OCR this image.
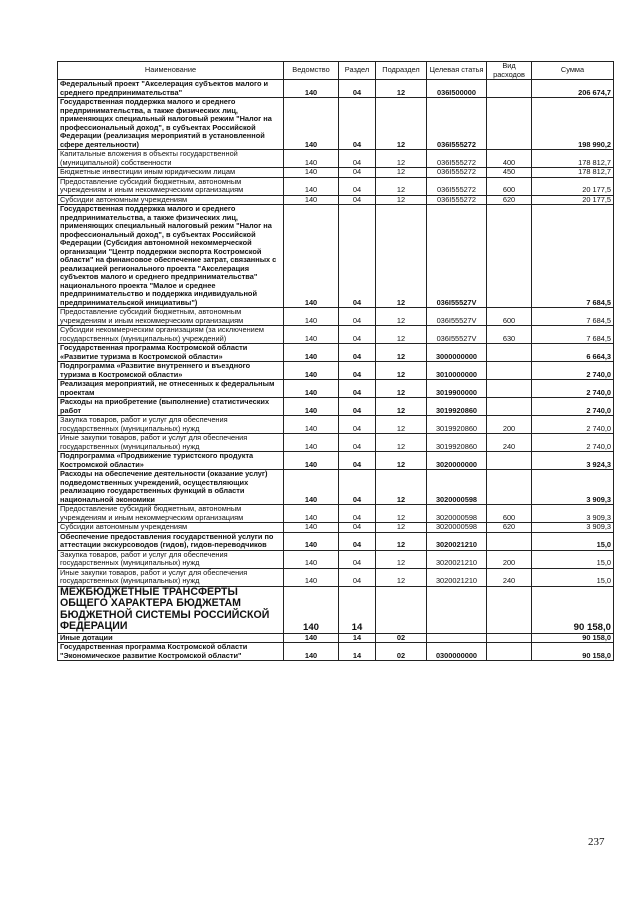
Наименование	Ведомство	Раздел	Подраздел	Целевая статья	Вид расходов	Сумма
Федеральный проект "Акселерация субъектов малого и среднего предпринимательства"	140	04	12	036I500000		206 674,7
Государственная поддержка малого и среднего предпринимательства, а также физических лиц, применяющих специальный налоговый режим "Налог на профессиональный доход", в субъектах Российской Федерации (реализация мероприятий в установленной сфере деятельности)	140	04	12	036I555272		198 990,2
Капитальные вложения в объекты государственной (муниципальной) собственности	140	04	12	036I555272	400	178 812,7
Бюджетные инвестиции иным юридическим лицам	140	04	12	036I555272	450	178 812,7
Предоставление субсидий бюджетным, автономным учреждениям и иным некоммерческим организациям	140	04	12	036I555272	600	20 177,5
Субсидии автономным учреждениям	140	04	12	036I555272	620	20 177,5
Государственная поддержка малого и среднего предпринимательства, а также физических лиц, применяющих специальный налоговый режим "Налог на профессиональный доход", в субъектах Российской Федерации (Субсидия автономной некоммерческой организации "Центр поддержки экспорта Костромской области" на финансовое обеспечение затрат, связанных с реализацией регионального проекта "Акселерация субъектов малого и среднего предпринимательства" национального проекта "Малое и среднее предпринимательство и поддержка индивидуальной предпринимательской инициативы")	140	04	12	036I55527V		7 684,5
Предоставление субсидий бюджетным, автономным учреждениям и иным некоммерческим организациям	140	04	12	036I55527V	600	7 684,5
Субсидии некоммерческим организациям (за исключением государственных (муниципальных) учреждений)	140	04	12	036I55527V	630	7 684,5
Государственная программа Костромской области «Развитие туризма в Костромской области»	140	04	12	3000000000		6 664,3
Подпрограмма «Развитие внутреннего и въездного туризма в Костромской области»	140	04	12	3010000000		2 740,0
Реализация мероприятий, не отнесенных к федеральным проектам	140	04	12	3019900000		2 740,0
Расходы на приобретение (выполнение) статистических работ	140	04	12	3019920860		2 740,0
Закупка товаров, работ и услуг для обеспечения государственных (муниципальных) нужд	140	04	12	3019920860	200	2 740,0
Иные закупки товаров, работ и услуг для обеспечения государственных (муниципальных) нужд	140	04	12	3019920860	240	2 740,0
Подпрограмма «Продвижение туристского продукта Костромской области»	140	04	12	3020000000		3 924,3
Расходы на обеспечение деятельности (оказание услуг) подведомственных учреждений, осуществляющих реализацию государственных функций в области национальной экономики	140	04	12	3020000598		3 909,3
Предоставление субсидий бюджетным, автономным учреждениям и иным некоммерческим организациям	140	04	12	3020000598	600	3 909,3
Субсидии автономным учреждениям	140	04	12	3020000598	620	3 909,3
Обеспечение предоставления государственной услуги по аттестации экскурсоводов (гидов), гидов-переводчиков	140	04	12	3020021210		15,0
Закупка товаров, работ и услуг для обеспечения государственных (муниципальных) нужд	140	04	12	3020021210	200	15,0
Иные закупки товаров, работ и услуг для обеспечения государственных (муниципальных) нужд	140	04	12	3020021210	240	15,0
МЕЖБЮДЖЕТНЫЕ ТРАНСФЕРТЫ ОБЩЕГО ХАРАКТЕРА БЮДЖЕТАМ БЮДЖЕТНОЙ СИСТЕМЫ РОССИЙСКОЙ ФЕДЕРАЦИИ	140	14				90 158,0
Иные дотации	140	14	02			90 158,0
Государственная программа Костромской области "Экономическое развитие Костромской области"	140	14	02	0300000000		90 158,0
237
